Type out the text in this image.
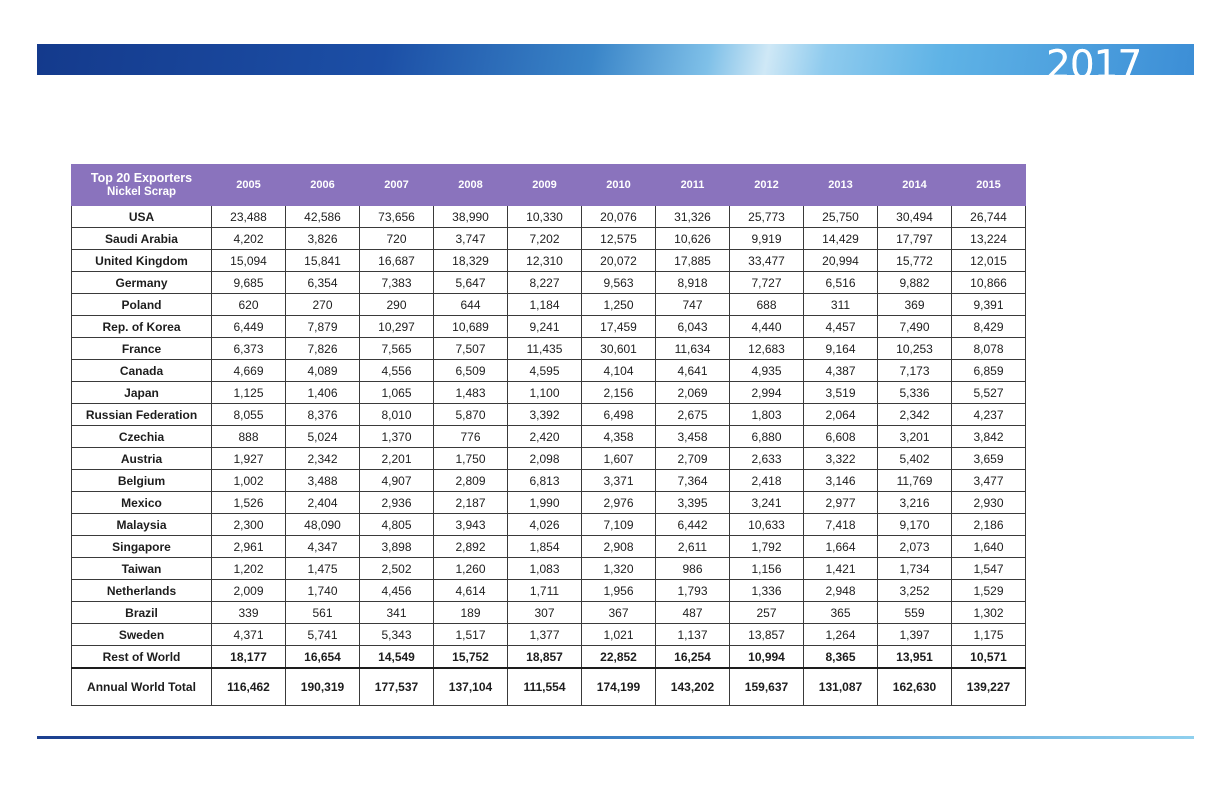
2017
Top 20 Exporters
Nickel Scrap	2005	2006	2007	2008	2009	2010	2011	2012	2013	2014	2015
USA	23,488	42,586	73,656	38,990	10,330	20,076	31,326	25,773	25,750	30,494	26,744
Saudi Arabia	4,202	3,826	720	3,747	7,202	12,575	10,626	9,919	14,429	17,797	13,224
United Kingdom	15,094	15,841	16,687	18,329	12,310	20,072	17,885	33,477	20,994	15,772	12,015
Germany	9,685	6,354	7,383	5,647	8,227	9,563	8,918	7,727	6,516	9,882	10,866
Poland	620	270	290	644	1,184	1,250	747	688	311	369	9,391
Rep. of Korea	6,449	7,879	10,297	10,689	9,241	17,459	6,043	4,440	4,457	7,490	8,429
France	6,373	7,826	7,565	7,507	11,435	30,601	11,634	12,683	9,164	10,253	8,078
Canada	4,669	4,089	4,556	6,509	4,595	4,104	4,641	4,935	4,387	7,173	6,859
Japan	1,125	1,406	1,065	1,483	1,100	2,156	2,069	2,994	3,519	5,336	5,527
Russian Federation	8,055	8,376	8,010	5,870	3,392	6,498	2,675	1,803	2,064	2,342	4,237
Czechia	888	5,024	1,370	776	2,420	4,358	3,458	6,880	6,608	3,201	3,842
Austria	1,927	2,342	2,201	1,750	2,098	1,607	2,709	2,633	3,322	5,402	3,659
Belgium	1,002	3,488	4,907	2,809	6,813	3,371	7,364	2,418	3,146	11,769	3,477
Mexico	1,526	2,404	2,936	2,187	1,990	2,976	3,395	3,241	2,977	3,216	2,930
Malaysia	2,300	48,090	4,805	3,943	4,026	7,109	6,442	10,633	7,418	9,170	2,186
Singapore	2,961	4,347	3,898	2,892	1,854	2,908	2,611	1,792	1,664	2,073	1,640
Taiwan	1,202	1,475	2,502	1,260	1,083	1,320	986	1,156	1,421	1,734	1,547
Netherlands	2,009	1,740	4,456	4,614	1,711	1,956	1,793	1,336	2,948	3,252	1,529
Brazil	339	561	341	189	307	367	487	257	365	559	1,302
Sweden	4,371	5,741	5,343	1,517	1,377	1,021	1,137	13,857	1,264	1,397	1,175
Rest of World	18,177	16,654	14,549	15,752	18,857	22,852	16,254	10,994	8,365	13,951	10,571
Annual World Total	116,462	190,319	177,537	137,104	111,554	174,199	143,202	159,637	131,087	162,630	139,227
